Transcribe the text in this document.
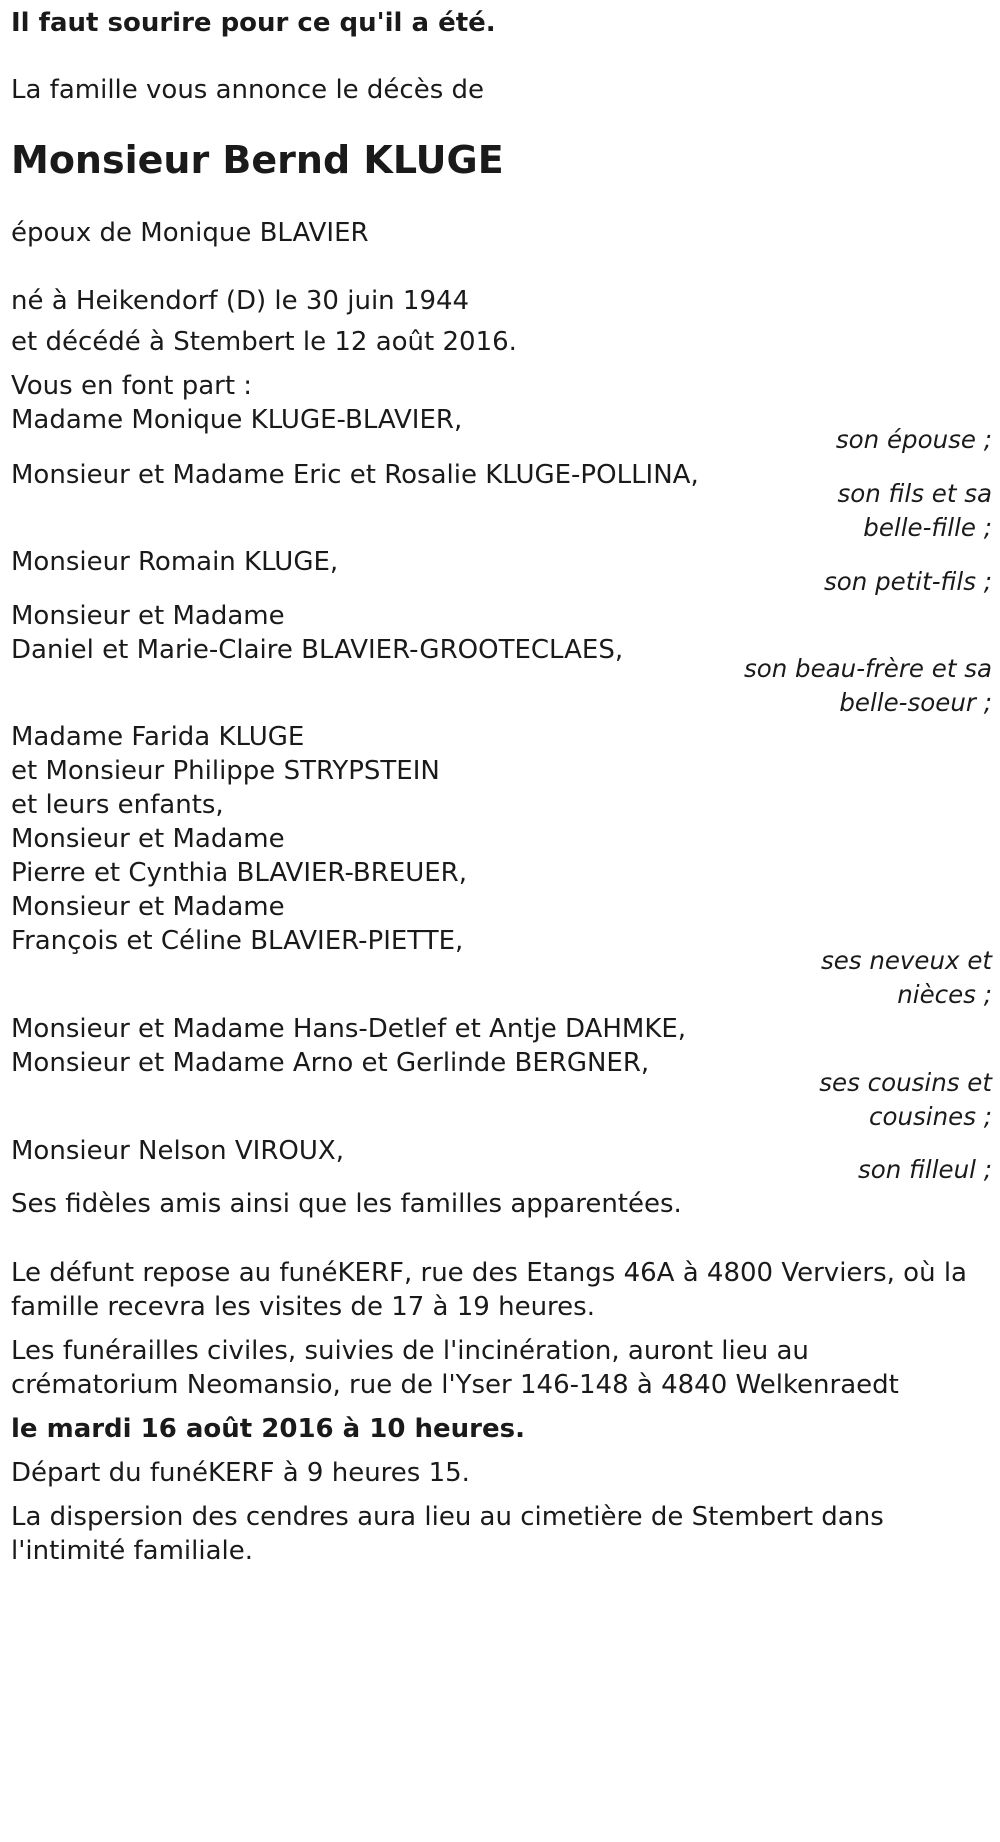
Il faut sourire pour ce qu'il a été.
La famille vous annonce le décès de
Monsieur Bernd KLUGE
époux de Monique BLAVIER
né à Heikendorf (D) le 30 juin 1944
et décédé à Stembert le 12 août 2016.
Vous en font part :
Madame Monique KLUGE-BLAVIER,
son épouse ;
Monsieur et Madame Eric et Rosalie KLUGE-POLLINA,
son fils et sa
belle-fille ;
Monsieur Romain KLUGE,
son petit-fils ;
Monsieur et Madame
Daniel et Marie-Claire BLAVIER-GROOTECLAES,
son beau-frère et sa
belle-soeur ;
Madame Farida KLUGE
et Monsieur Philippe STRYPSTEIN
et leurs enfants,
Monsieur et Madame
Pierre et Cynthia BLAVIER-BREUER,
Monsieur et Madame
François et Céline BLAVIER-PIETTE,
ses neveux et
nièces ;
Monsieur et Madame Hans-Detlef et Antje DAHMKE,
Monsieur et Madame Arno et Gerlinde BERGNER,
ses cousins et
cousines ;
Monsieur Nelson VIROUX,
son filleul ;
Ses fidèles amis ainsi que les familles apparentées.
Le défunt repose au funéKERF, rue des Etangs 46A à 4800 Verviers, où la
famille recevra les visites de 17 à 19 heures.
Les funérailles civiles, suivies de l'incinération, auront lieu au
crématorium Neomansio, rue de l'Yser 146-148 à 4840 Welkenraedt
le mardi 16 août 2016 à 10 heures.
Départ du funéKERF à 9 heures 15.
La dispersion des cendres aura lieu au cimetière de Stembert dans
l'intimité familiale.
